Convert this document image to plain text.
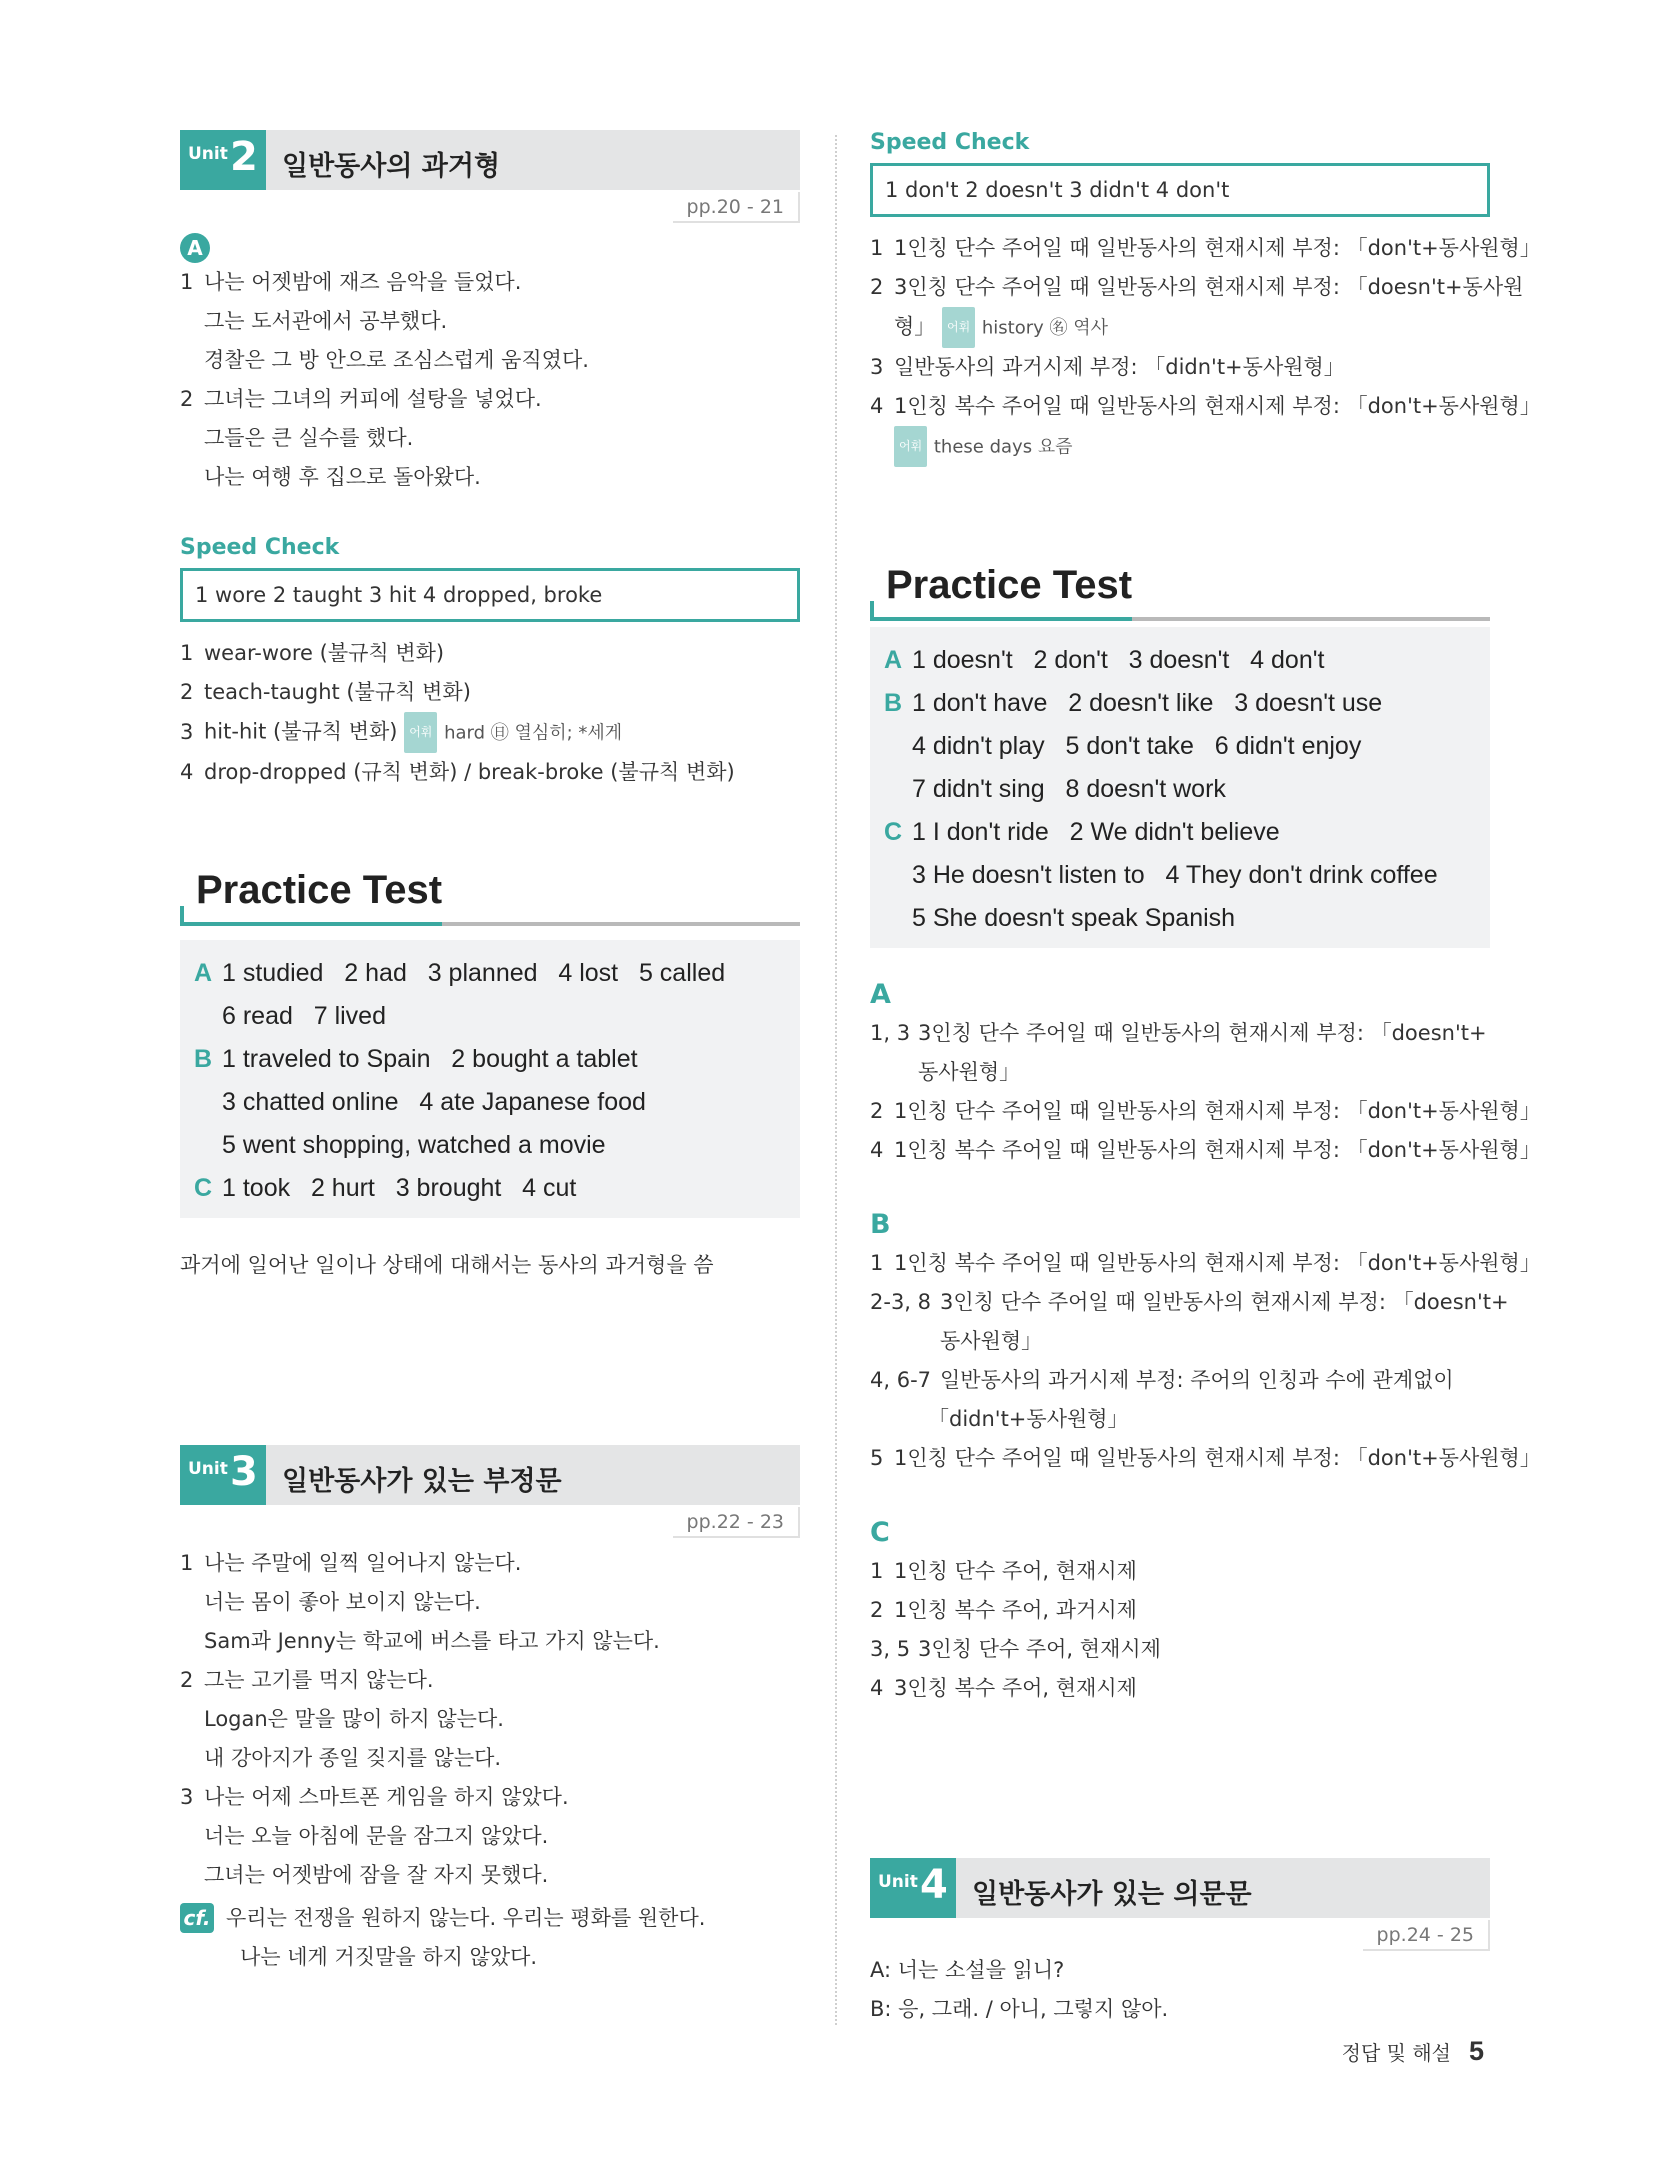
Unit 2 일반동사의 과거형
pp.20 - 21
A
1 나는 어젯밤에 재즈 음악을 들었다.
그는 도서관에서 공부했다.
경찰은 그 방 안으로 조심스럽게 움직였다.
2 그녀는 그녀의 커피에 설탕을 넣었다.
그들은 큰 실수를 했다.
나는 여행 후 집으로 돌아왔다.
Speed Check
1 wore 2 taught 3 hit 4 dropped, broke
1 wear-wore (불규칙 변화)
2 teach-taught (불규칙 변화)
3 hit-hit (불규칙 변화) 어휘 hard ㊐ 열심히; *세게
4 drop-dropped (규칙 변화) / break-broke (불규칙 변화)
Practice Test
A 1 studied   2 had   3 planned   4 lost   5 called
6 read   7 lived
B 1 traveled to Spain   2 bought a tablet
3 chatted online   4 ate Japanese food
5 went shopping, watched a movie
C 1 took   2 hurt   3 brought   4 cut
과거에 일어난 일이나 상태에 대해서는 동사의 과거형을 씀
Unit 3 일반동사가 있는 부정문
pp.22 - 23
1 나는 주말에 일찍 일어나지 않는다.
너는 몸이 좋아 보이지 않는다.
Sam과 Jenny는 학교에 버스를 타고 가지 않는다.
2 그는 고기를 먹지 않는다.
Logan은 말을 많이 하지 않는다.
내 강아지가 종일 짖지를 않는다.
3 나는 어제 스마트폰 게임을 하지 않았다.
너는 오늘 아침에 문을 잠그지 않았다.
그녀는 어젯밤에 잠을 잘 자지 못했다.
cf. 우리는 전쟁을 원하지 않는다. 우리는 평화를 원한다.
나는 네게 거짓말을 하지 않았다.
Speed Check
1 don't 2 doesn't 3 didn't 4 don't
1 1인칭 단수 주어일 때 일반동사의 현재시제 부정: 「don't+동사원형」
2 3인칭 단수 주어일 때 일반동사의 현재시제 부정: 「doesn't+동사원
형」 어휘 history ㊔ 역사
3 일반동사의 과거시제 부정: 「didn't+동사원형」
4 1인칭 복수 주어일 때 일반동사의 현재시제 부정: 「don't+동사원형」
어휘 these days 요즘
Practice Test
A 1 doesn't   2 don't   3 doesn't   4 don't
B 1 don't have   2 doesn't like   3 doesn't use
4 didn't play   5 don't take   6 didn't enjoy
7 didn't sing   8 doesn't work
C 1 I don't ride   2 We didn't believe
3 He doesn't listen to   4 They don't drink coffee
5 She doesn't speak Spanish
A
1, 3 3인칭 단수 주어일 때 일반동사의 현재시제 부정: 「doesn't+
동사원형」
2 1인칭 단수 주어일 때 일반동사의 현재시제 부정: 「don't+동사원형」
4 1인칭 복수 주어일 때 일반동사의 현재시제 부정: 「don't+동사원형」
B
1 1인칭 복수 주어일 때 일반동사의 현재시제 부정: 「don't+동사원형」
2-3, 8 3인칭 단수 주어일 때 일반동사의 현재시제 부정: 「doesn't+
동사원형」
4, 6-7 일반동사의 과거시제 부정: 주어의 인칭과 수에 관계없이
「didn't+동사원형」
5 1인칭 단수 주어일 때 일반동사의 현재시제 부정: 「don't+동사원형」
C
1 1인칭 단수 주어, 현재시제
2 1인칭 복수 주어, 과거시제
3, 5 3인칭 단수 주어, 현재시제
4 3인칭 복수 주어, 현재시제
Unit 4 일반동사가 있는 의문문
pp.24 - 25
A: 너는 소설을 읽니?
B: 응, 그래. / 아니, 그렇지 않아.
정답 및 해설 5
